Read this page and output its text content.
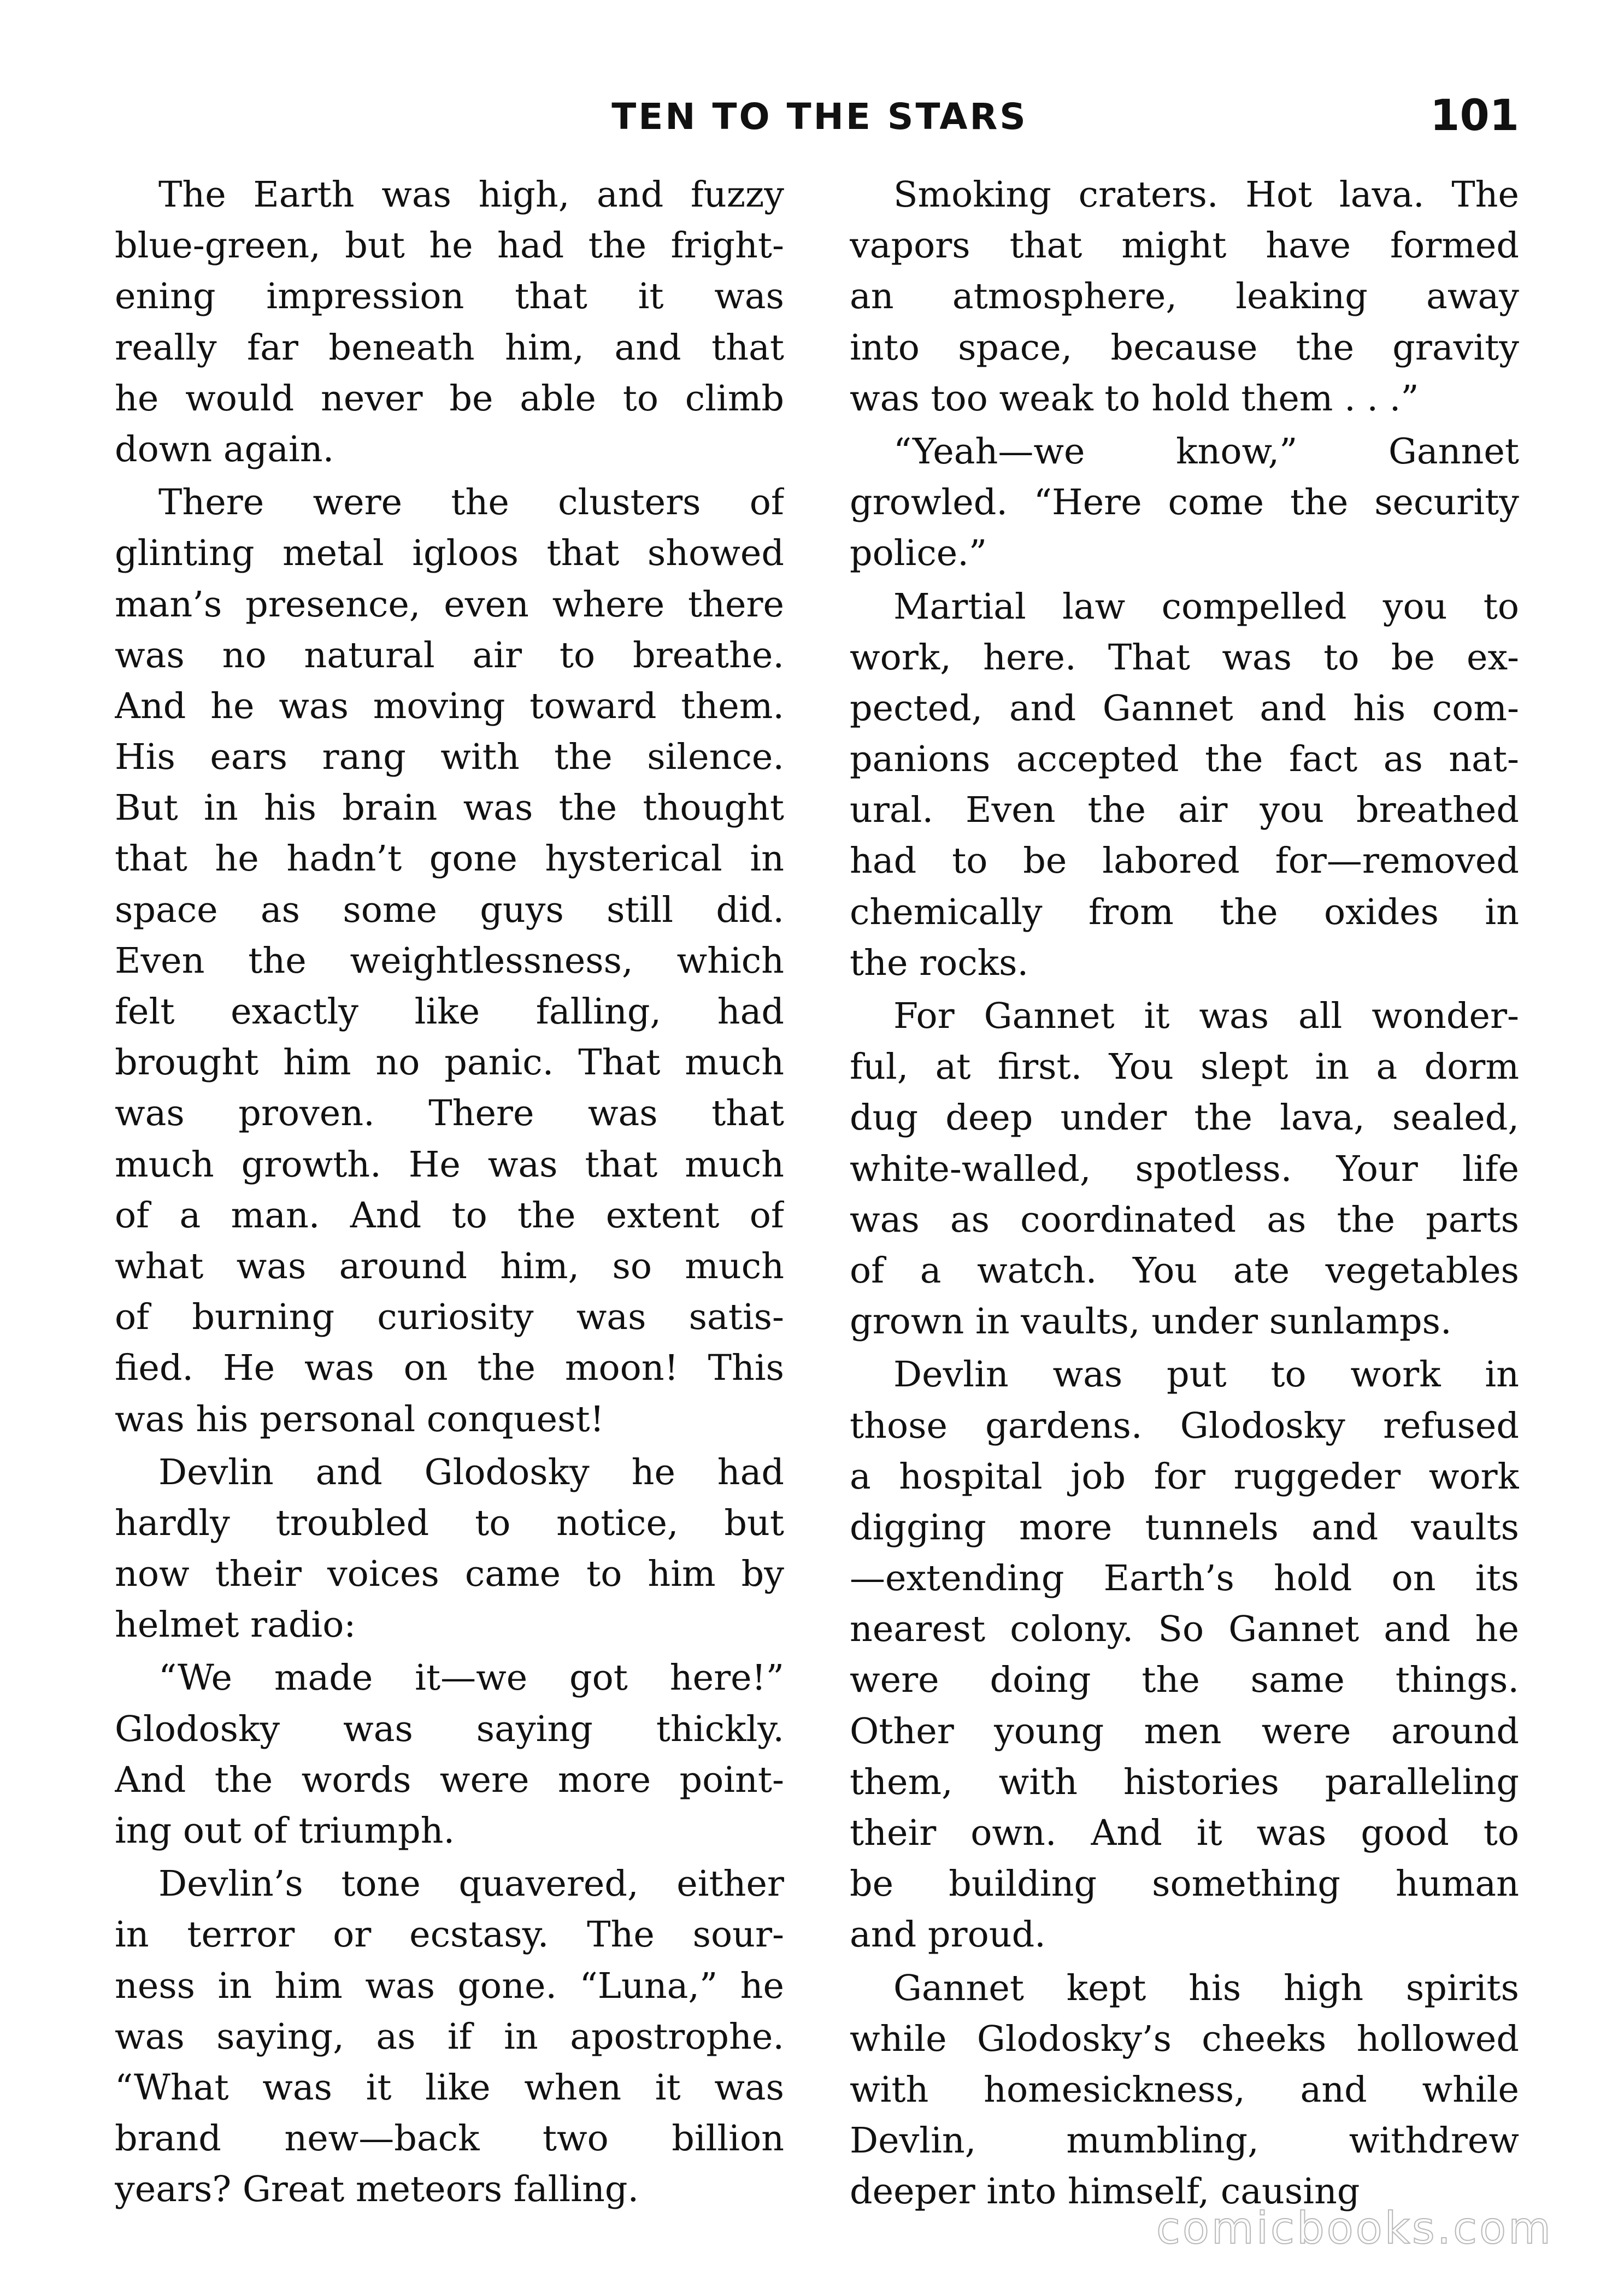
TEN TO THE STARS	101
The Earth was high, and fuzzy
blue-green, but he had the fright-
ening impression that it was
really far beneath him, and that
he would never be able to climb
down again.
There were the clusters of
glinting metal igloos that showed
man’s presence, even where there
was no natural air to breathe.
And he was moving toward them.
His ears rang with the silence.
But in his brain was the thought
that he hadn’t gone hysterical in
space as some guys still did.
Even the weightlessness, which
felt exactly like falling, had
brought him no panic. That much
was proven. There was that
much growth. He was that much
of a man. And to the extent of
what was around him, so much
of burning curiosity was satis-
fied. He was on the moon! This
was his personal conquest!
Devlin and Glodosky he had
hardly troubled to notice, but
now their voices came to him by
helmet radio:
“We made it—we got here!”
Glodosky was saying thickly.
And the words were more point-
ing out of triumph.
Devlin’s tone quavered, either
in terror or ecstasy. The sour-
ness in him was gone. “Luna,” he
was saying, as if in apostrophe.
“What was it like when it was
brand new—back two billion
years? Great meteors falling.
Smoking craters. Hot lava. The
vapors that might have formed
an atmosphere, leaking away
into space, because the gravity
was too weak to hold them . . .”
“Yeah—we know,” Gannet
growled. “Here come the security
police.”
Martial law compelled you to
work, here. That was to be ex-
pected, and Gannet and his com-
panions accepted the fact as nat-
ural. Even the air you breathed
had to be labored for—removed
chemically from the oxides in
the rocks.
For Gannet it was all wonder-
ful, at first. You slept in a dorm
dug deep under the lava, sealed,
white-walled, spotless. Your life
was as coordinated as the parts
of a watch. You ate vegetables
grown in vaults, under sunlamps.
Devlin was put to work in
those gardens. Glodosky refused
a hospital job for ruggeder work
digging more tunnels and vaults
—extending Earth’s hold on its
nearest colony. So Gannet and he
were doing the same things.
Other young men were around
them, with histories paralleling
their own. And it was good to
be building something human
and proud.
Gannet kept his high spirits
while Glodosky’s cheeks hollowed
with homesickness, and while
Devlin, mumbling, withdrew
deeper into himself, causing
comicbooks.com
